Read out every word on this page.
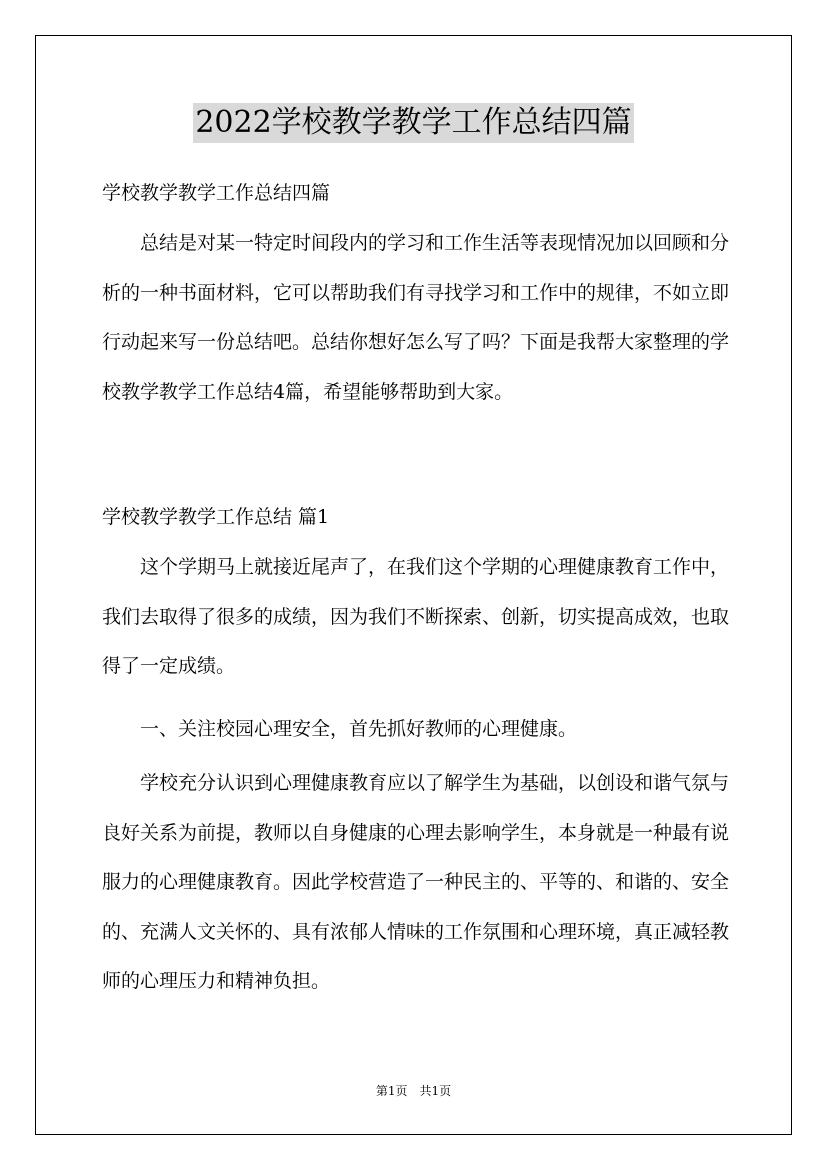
2022学校教学教学工作总结四篇

学校教学教学工作总结四篇

总结是对某一特定时间段内的学习和工作生活等表现情况加以回顾和分析的一种书面材料，它可以帮助我们有寻找学习和工作中的规律，不如立即行动起来写一份总结吧。总结你想好怎么写了吗？下面是我帮大家整理的学校教学教学工作总结4篇，希望能够帮助到大家。

学校教学教学工作总结 篇1

这个学期马上就接近尾声了，在我们这个学期的心理健康教育工作中，我们去取得了很多的成绩，因为我们不断探索、创新，切实提高成效，也取得了一定成绩。

一、关注校园心理安全，首先抓好教师的心理健康。

学校充分认识到心理健康教育应以了解学生为基础，以创设和谐气氛与良好关系为前提，教师以自身健康的心理去影响学生，本身就是一种最有说服力的心理健康教育。因此学校营造了一种民主的、平等的、和谐的、安全的、充满人文关怀的、具有浓郁人情味的工作氛围和心理环境，真正减轻教师的心理压力和精神负担。

第1页　共1页
